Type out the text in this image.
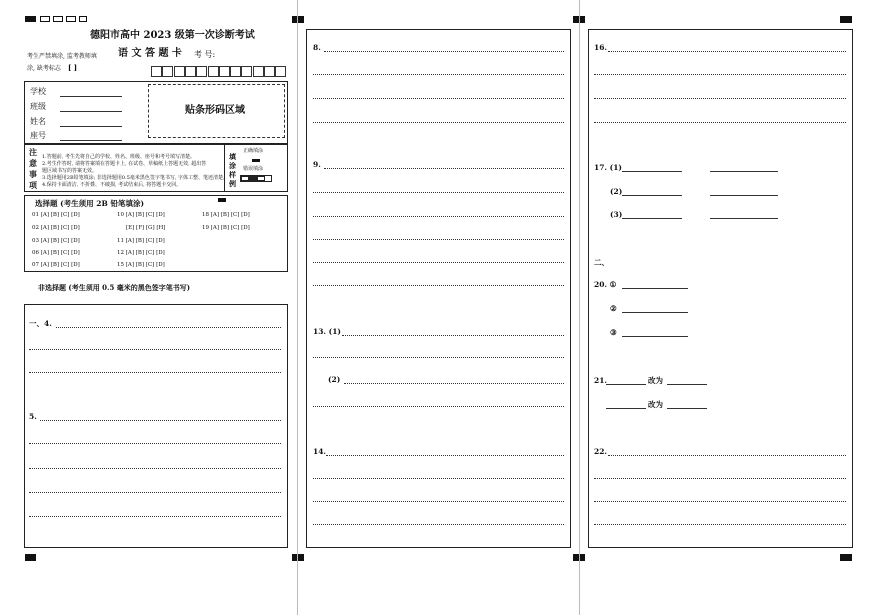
德阳市高中 2023 级第一次诊断考试
语 文 答 题 卡 考 号:
考生严禁填涂, 监考教师填
涂, 缺考标志 [ ]
学校
班级
姓名
座号
贴条形码区域
注意事项
1.答题前, 考生先将自己的学校、姓名、班级、座号和考号填写清楚。
2.考生作答时, 请将答案填在答题卡上, 在试卷、草稿纸上答题无效, 超出答
题区域书写的答案无效。
3.选择题用2B铅笔填涂; 非选择题用0.5毫米黑色签字笔书写, 字体工整、笔迹清楚。
4.保持卡面清洁, 不折叠、不破损, 考试结束后, 将答题卡交回。
填涂样例
正确填涂
错误填涂
选择题 (考生须用 2B 铅笔填涂)
01 [A] [B] [C] [D]
02 [A] [B] [C] [D]
03 [A] [B] [C] [D]
06 [A] [B] [C] [D]
07 [A] [B] [C] [D]
10 [A] [B] [C] [D]
[E] [F] [G] [H]
11 [A] [B] [C] [D]
12 [A] [B] [C] [D]
15 [A] [B] [C] [D]
18 [A] [B] [C] [D]
19 [A] [B] [C] [D]
非选择题 (考生须用 0.5 毫米的黑色签字笔书写)
一、4.
5.
8.
9.
13. (1)
(2)
14.
16.
17. (1)
(2)
(3)
二、
20. ①
②
③
21.	改为
改为
22.
